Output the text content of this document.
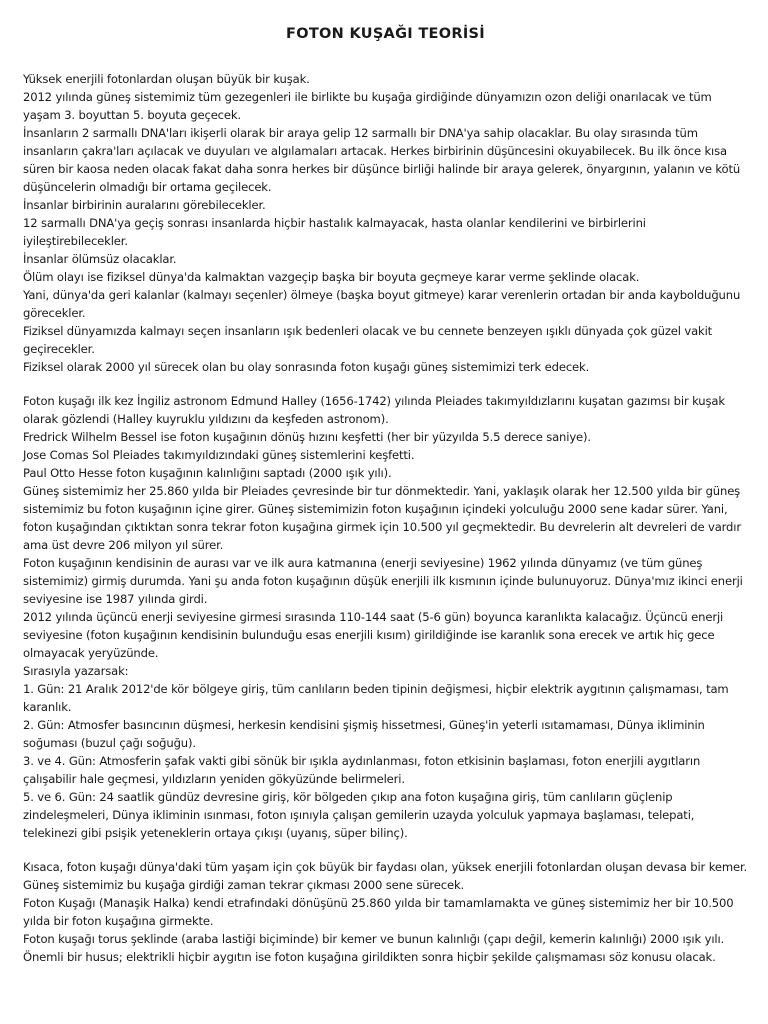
FOTON KUŞAĞI TEORİSİ
Yüksek enerjili fotonlardan oluşan büyük bir kuşak.
2012 yılında güneş sistemimiz tüm gezegenleri ile birlikte bu kuşağa girdiğinde dünyamızın ozon deliği onarılacak ve tüm yaşam 3. boyuttan 5. boyuta geçecek.
İnsanların 2 sarmallı DNA'ları ikişerli olarak bir araya gelip 12 sarmallı bir DNA'ya sahip olacaklar. Bu olay sırasında tüm insanların çakra'ları açılacak ve duyuları ve algılamaları artacak. Herkes birbirinin düşüncesini okuyabilecek. Bu ilk önce kısa süren bir kaosa neden olacak fakat daha sonra herkes bir düşünce birliği halinde bir araya gelerek, önyargının, yalanın ve kötü düşüncelerin olmadığı bir ortama geçilecek.
İnsanlar birbirinin auralarını görebilecekler.
12 sarmallı DNA'ya geçiş sonrası insanlarda hiçbir hastalık kalmayacak, hasta olanlar kendilerini ve birbirlerini iyileştirebilecekler.
İnsanlar ölümsüz olacaklar.
Ölüm olayı ise fiziksel dünya'da kalmaktan vazgeçip başka bir boyuta geçmeye karar verme şeklinde olacak.
Yani, dünya'da geri kalanlar (kalmayı seçenler) ölmeye (başka boyut gitmeye) karar verenlerin ortadan bir anda kaybolduğunu görecekler.
Fiziksel dünyamızda kalmayı seçen insanların ışık bedenleri olacak ve bu cennete benzeyen ışıklı dünyada çok güzel vakit geçirecekler.
Fiziksel olarak 2000 yıl sürecek olan bu olay sonrasında foton kuşağı güneş sistemimizi terk edecek.
Foton kuşağı ilk kez İngiliz astronom Edmund Halley (1656-1742) yılında Pleiades takımyıldızlarını kuşatan gazımsı bir kuşak olarak gözlendi (Halley kuyruklu yıldızını da keşfeden astronom).
Fredrick Wilhelm Bessel ise foton kuşağının dönüş hızını keşfetti (her bir yüzyılda 5.5 derece saniye).
Jose Comas Sol Pleiades takımyıldızındaki güneş sistemlerini keşfetti.
Paul Otto Hesse foton kuşağının kalınlığını saptadı (2000 ışık yılı).
Güneş sistemimiz her 25.860 yılda bir Pleiades çevresinde bir tur dönmektedir. Yani, yaklaşık olarak her 12.500 yılda bir güneş sistemimiz bu foton kuşağının içine girer. Güneş sistemimizin foton kuşağının içindeki yolculuğu 2000 sene kadar sürer. Yani, foton kuşağından çıktıktan sonra tekrar foton kuşağına girmek için 10.500 yıl geçmektedir. Bu devrelerin alt devreleri de vardır ama üst devre 206 milyon yıl sürer.
Foton kuşağının kendisinin de aurası var ve ilk aura katmanına (enerji seviyesine) 1962 yılında dünyamız (ve tüm güneş sistemimiz) girmiş durumda. Yani şu anda foton kuşağının düşük enerjili ilk kısmının içinde bulunuyoruz. Dünya'mız ikinci enerji seviyesine ise 1987 yılında girdi.
2012 yılında üçüncü enerji seviyesine girmesi sırasında 110-144 saat (5-6 gün) boyunca karanlıkta kalacağız. Üçüncü enerji seviyesine (foton kuşağının kendisinin bulunduğu esas enerjili kısım) girildiğinde ise karanlık sona erecek ve artık hiç gece olmayacak yeryüzünde.
Sırasıyla yazarsak:
1. Gün: 21 Aralık 2012'de kör bölgeye giriş, tüm canlıların beden tipinin değişmesi, hiçbir elektrik aygıtının çalışmaması, tam karanlık.
2. Gün: Atmosfer basıncının düşmesi, herkesin kendisini şişmiş hissetmesi, Güneş'in yeterli ısıtamaması, Dünya ikliminin soğuması (buzul çağı soğuğu).
3. ve 4. Gün: Atmosferin şafak vakti gibi sönük bir ışıkla aydınlanması, foton etkisinin başlaması, foton enerjili aygıtların çalışabilir hale geçmesi, yıldızların yeniden gökyüzünde belirmeleri.
5. ve 6. Gün: 24 saatlik gündüz devresine giriş, kör bölgeden çıkıp ana foton kuşağına giriş, tüm canlıların güçlenip zindeleşmeleri, Dünya ikliminin ısınması, foton ışınıyla çalışan gemilerin uzayda yolculuk yapmaya başlaması, telepati, telekinezi gibi psişik yeteneklerin ortaya çıkışı (uyanış, süper bilinç).
Kısaca, foton kuşağı dünya'daki tüm yaşam için çok büyük bir faydası olan, yüksek enerjili fotonlardan oluşan devasa bir kemer.
Güneş sistemimiz bu kuşağa girdiği zaman tekrar çıkması 2000 sene sürecek.
Foton Kuşağı (Manaşik Halka) kendi etrafındaki dönüşünü 25.860 yılda bir tamamlamakta ve güneş sistemimiz her bir 10.500 yılda bir foton kuşağına girmekte.
Foton kuşağı torus şeklinde (araba lastiği biçiminde) bir kemer ve bunun kalınlığı (çapı değil, kemerin kalınlığı) 2000 ışık yılı.
Önemli bir husus; elektrikli hiçbir aygıtın ise foton kuşağına girildikten sonra hiçbir şekilde çalışmaması söz konusu olacak.
